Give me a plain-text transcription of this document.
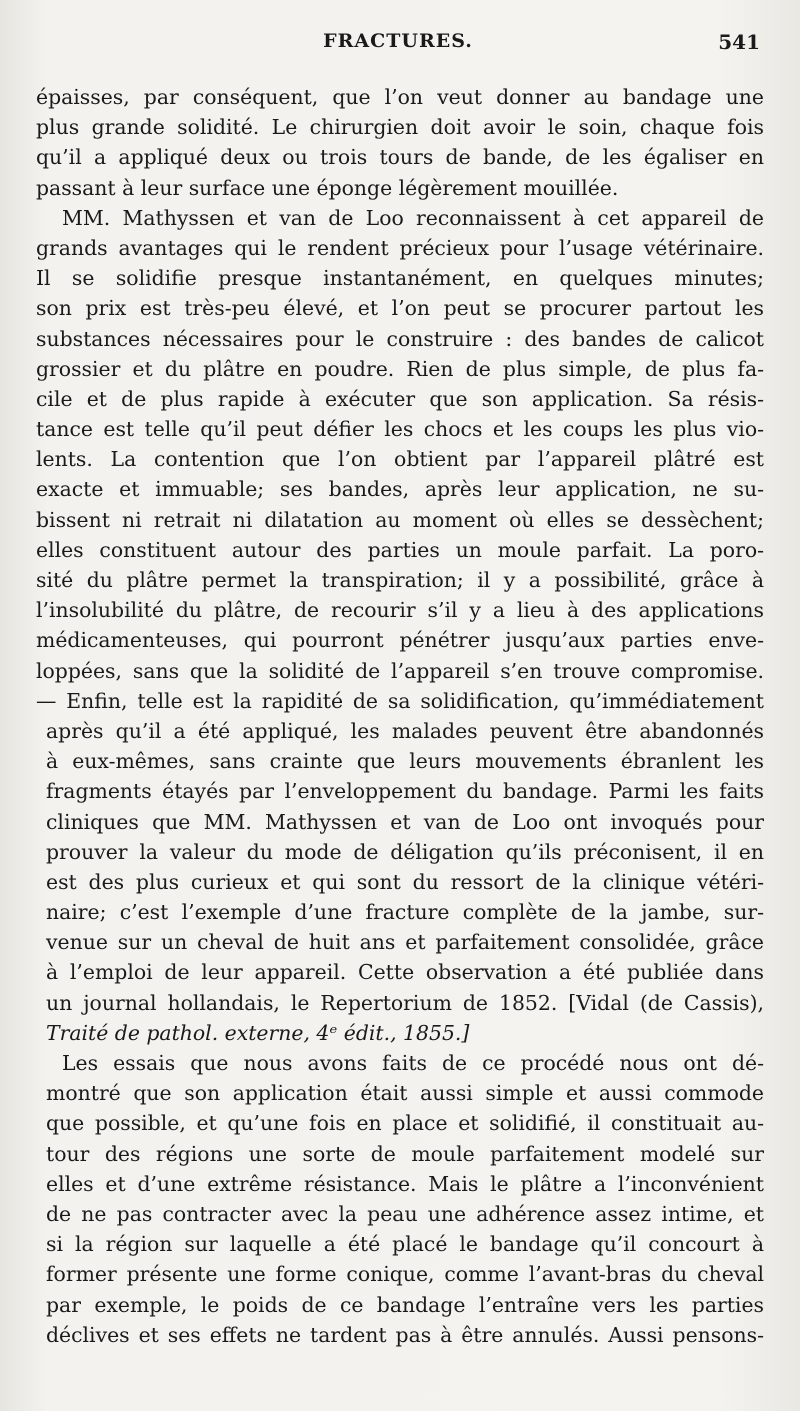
FRACTURES.	541
épaisses, par conséquent, que l’on veut donner au bandage une
plus grande solidité. Le chirurgien doit avoir le soin, chaque fois
qu’il a appliqué deux ou trois tours de bande, de les égaliser en
passant à leur surface une éponge légèrement mouillée.
MM. Mathyssen et van de Loo reconnaissent à cet appareil de
grands avantages qui le rendent précieux pour l’usage vétérinaire.
Il se solidifie presque instantanément, en quelques minutes;
son prix est très-peu élevé, et l’on peut se procurer partout les
substances nécessaires pour le construire : des bandes de calicot
grossier et du plâtre en poudre. Rien de plus simple, de plus fa-
cile et de plus rapide à exécuter que son application. Sa résis-
tance est telle qu’il peut défier les chocs et les coups les plus vio-
lents. La contention que l’on obtient par l’appareil plâtré est
exacte et immuable; ses bandes, après leur application, ne su-
bissent ni retrait ni dilatation au moment où elles se dessèchent;
elles constituent autour des parties un moule parfait. La poro-
sité du plâtre permet la transpiration; il y a possibilité, grâce à
l’insolubilité du plâtre, de recourir s’il y a lieu à des applications
médicamenteuses, qui pourront pénétrer jusqu’aux parties enve-
loppées, sans que la solidité de l’appareil s’en trouve compromise.
— Enfin, telle est la rapidité de sa solidification, qu’immédiatement
après qu’il a été appliqué, les malades peuvent être abandonnés
à eux-mêmes, sans crainte que leurs mouvements ébranlent les
fragments étayés par l’enveloppement du bandage. Parmi les faits
cliniques que MM. Mathyssen et van de Loo ont invoqués pour
prouver la valeur du mode de déligation qu’ils préconisent, il en
est des plus curieux et qui sont du ressort de la clinique vétéri-
naire; c’est l’exemple d’une fracture complète de la jambe, sur-
venue sur un cheval de huit ans et parfaitement consolidée, grâce
à l’emploi de leur appareil. Cette observation a été publiée dans
un journal hollandais, le Repertorium de 1852. [Vidal (de Cassis),
Traité de pathol. externe, 4ᵉ édit., 1855.]
Les essais que nous avons faits de ce procédé nous ont dé-
montré que son application était aussi simple et aussi commode
que possible, et qu’une fois en place et solidifié, il constituait au-
tour des régions une sorte de moule parfaitement modelé sur
elles et d’une extrême résistance. Mais le plâtre a l’inconvénient
de ne pas contracter avec la peau une adhérence assez intime, et
si la région sur laquelle a été placé le bandage qu’il concourt à
former présente une forme conique, comme l’avant-bras du cheval
par exemple, le poids de ce bandage l’entraîne vers les parties
déclives et ses effets ne tardent pas à être annulés. Aussi pensons-
